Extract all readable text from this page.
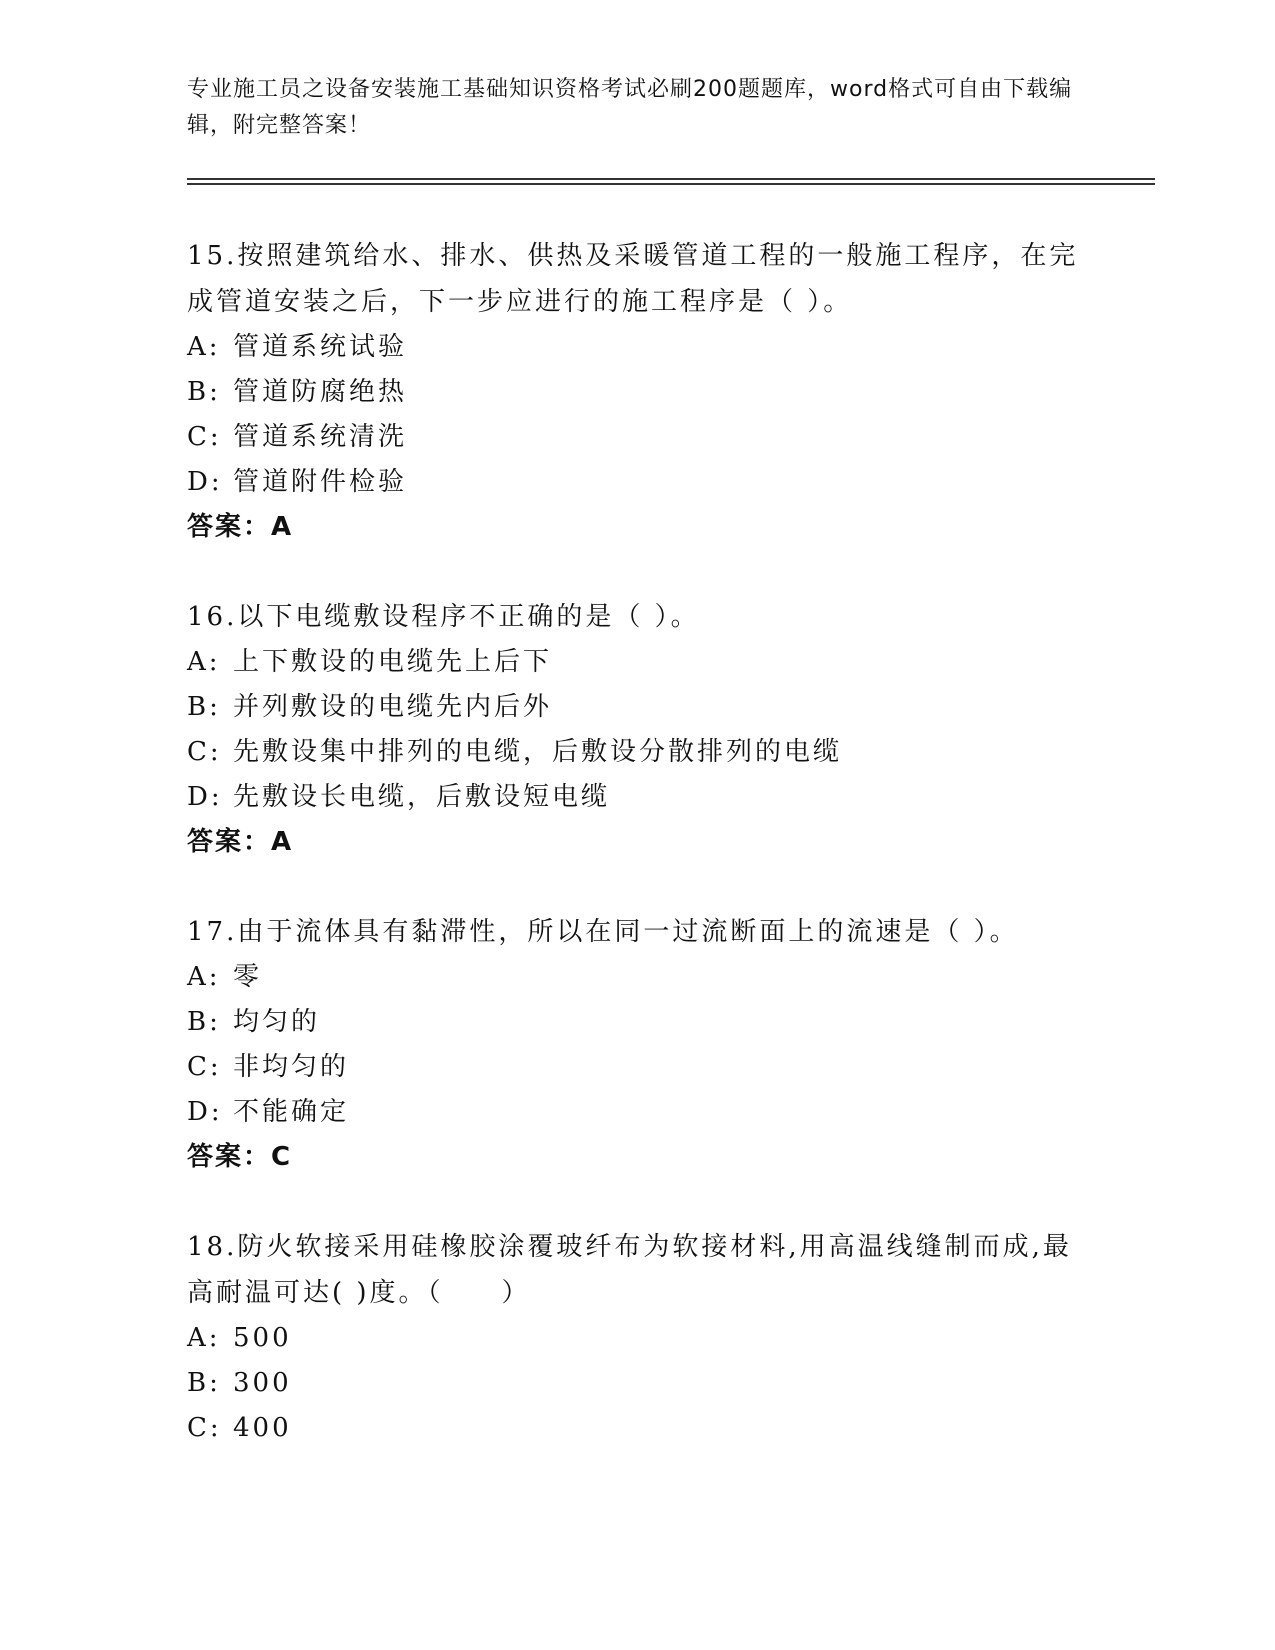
专业施工员之设备安装施工基础知识资格考试必刷200题题库，word格式可自由下载编辑，附完整答案！
15.按照建筑给水、排水、供热及采暖管道工程的一般施工程序，在完成管道安装之后，下一步应进行的施工程序是（ ）。
A: 管道系统试验
B: 管道防腐绝热
C: 管道系统清洗
D: 管道附件检验
答案：A
16.以下电缆敷设程序不正确的是（ ）。
A: 上下敷设的电缆先上后下
B: 并列敷设的电缆先内后外
C: 先敷设集中排列的电缆，后敷设分散排列的电缆
D: 先敷设长电缆，后敷设短电缆
答案：A
17.由于流体具有黏滞性，所以在同一过流断面上的流速是（ ）。
A: 零
B: 均匀的
C: 非均匀的
D: 不能确定
答案：C
18.防火软接采用硅橡胶涂覆玻纤布为软接材料,用高温线缝制而成,最高耐温可达( )度。（　　）
A: 500
B: 300
C: 400
